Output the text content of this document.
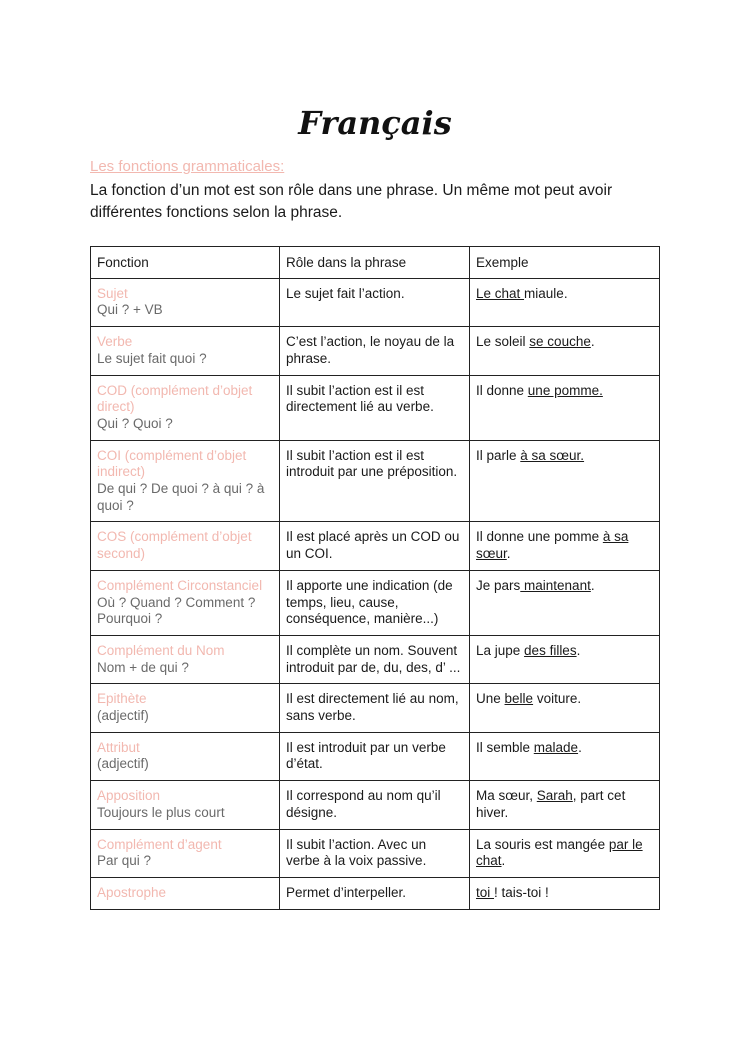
Français
Les fonctions grammaticales:
La fonction d’un mot est son rôle dans une phrase. Un même mot peut avoir différentes fonctions selon la phrase.
Fonction	Rôle dans la phrase	Exemple

Sujet
Qui ? + VB	Le sujet fait l’action.	Le chat miaule.

Verbe
Le sujet fait quoi ?	C’est l’action, le noyau de la phrase.	Le soleil se couche.

COD (complément d’objet direct)
Qui ? Quoi ?	Il subit l’action est il est directement lié au verbe.	Il donne une pomme.

COI (complément d’objet indirect)
De qui ? De quoi ? à qui ? à quoi ?	Il subit l’action est il est introduit par une préposition.	Il parle à sa sœur.

COS (complément d’objet second)	Il est placé après un COD ou un COI.	Il donne une pomme à sa sœur.

Complément Circonstanciel
Où ? Quand ? Comment ? Pourquoi ?	Il apporte une indication (de temps, lieu, cause, conséquence, manière...)	Je pars maintenant.

Complément du Nom
Nom + de qui ?	Il complète un nom. Souvent introduit par de, du, des, d’ ...	La jupe des filles.

Epithète
(adjectif)	Il est directement lié au nom, sans verbe.	Une belle voiture.

Attribut
(adjectif)	Il est introduit par un verbe d’état.	Il semble malade.

Apposition
Toujours le plus court	Il correspond au nom qu’il désigne.	Ma sœur, Sarah, part cet hiver.

Complément d’agent
Par qui ?	Il subit l’action. Avec un verbe à la voix passive.	La souris est mangée par le chat.

Apostrophe	Permet d’interpeller.	toi ! tais-toi !
